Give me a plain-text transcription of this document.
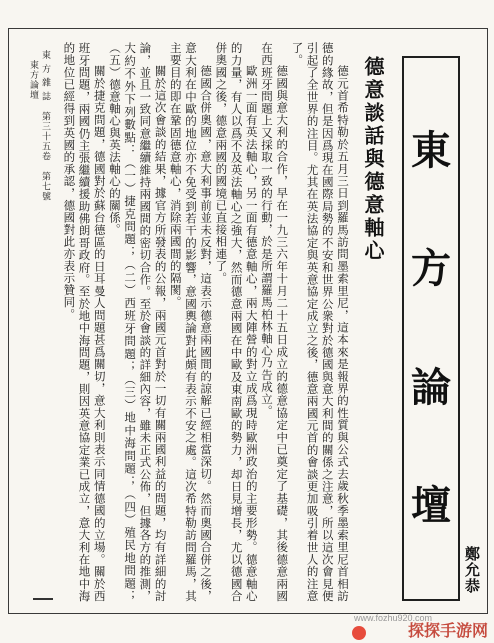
東
方
論
壇
鄭允恭
德意談話與德意軸心

德元首希特勒於五月三日到羅馬訪問墨索里尼，這本來是報界的性質與公式去歲秋季墨索里尼首相訪德的緣故，但是因爲現在國際局勢的不安和世界公衆對於德國與意大利間的關係之注意，所以這次會見便引起了全世界的注目。尤其在英法協定與英意協定成立之後，德意兩國元首的會談更加吸引着世人的注意了。

德國與意大利的合作，早在一九三六年十月二十五日成立的德意協定中已奠定了基礎，其後德意兩國在西班牙問題上又採取一致的行動，於是所謂羅馬柏林軸心乃告成立。

歐洲一面有英法軸心，另一面有德意軸心，兩大陣營的對立成爲現時歐洲政治的主要形勢。德意軸心的力量，有人以爲不及英法軸心之強大，然而德意兩國在中歐及東南歐的勢力，却日見增長，尤以德國合併奧國之後，德意兩國的國境已直接相連了。

德國合併奧國，意大利事前並未反對，這表示德意兩國間的諒解已經相當深切。然而奧國合併之後，意大利在中歐的地位亦不免受到若干的影響，意國輿論對此頗有表示不安之處。這次希特勒訪問羅馬，其主要目的即在鞏固德意軸心，消除兩國間的隔閡。

關於這次會談的結果，據官方所發表的公報，兩國元首對於一切有關兩國利益的問題，均有詳細的討論，並且一致同意繼續維持兩國間的密切合作。至於會談的詳細內容，雖未正式公佈，但據各方的推測，大約不外下列數點：（一）捷克問題；（二）西班牙問題；（三）地中海問題；（四）殖民地問題；（五）德意軸心與英法軸心的關係。

關於捷克問題，德國對於蘇台德區的日耳曼人問題甚爲關切，意大利則表示同情德國的立場。關於西班牙問題，兩國仍主張繼續援助佛朗哥政府。至於地中海問題，則因英意協定業已成立，意大利在地中海的地位已經得到英國的承認，德國對此亦表示贊同。

東 方 雜 誌　第三十五卷　第七號
東方論壇
www.fozhu920.com
探探手游网
